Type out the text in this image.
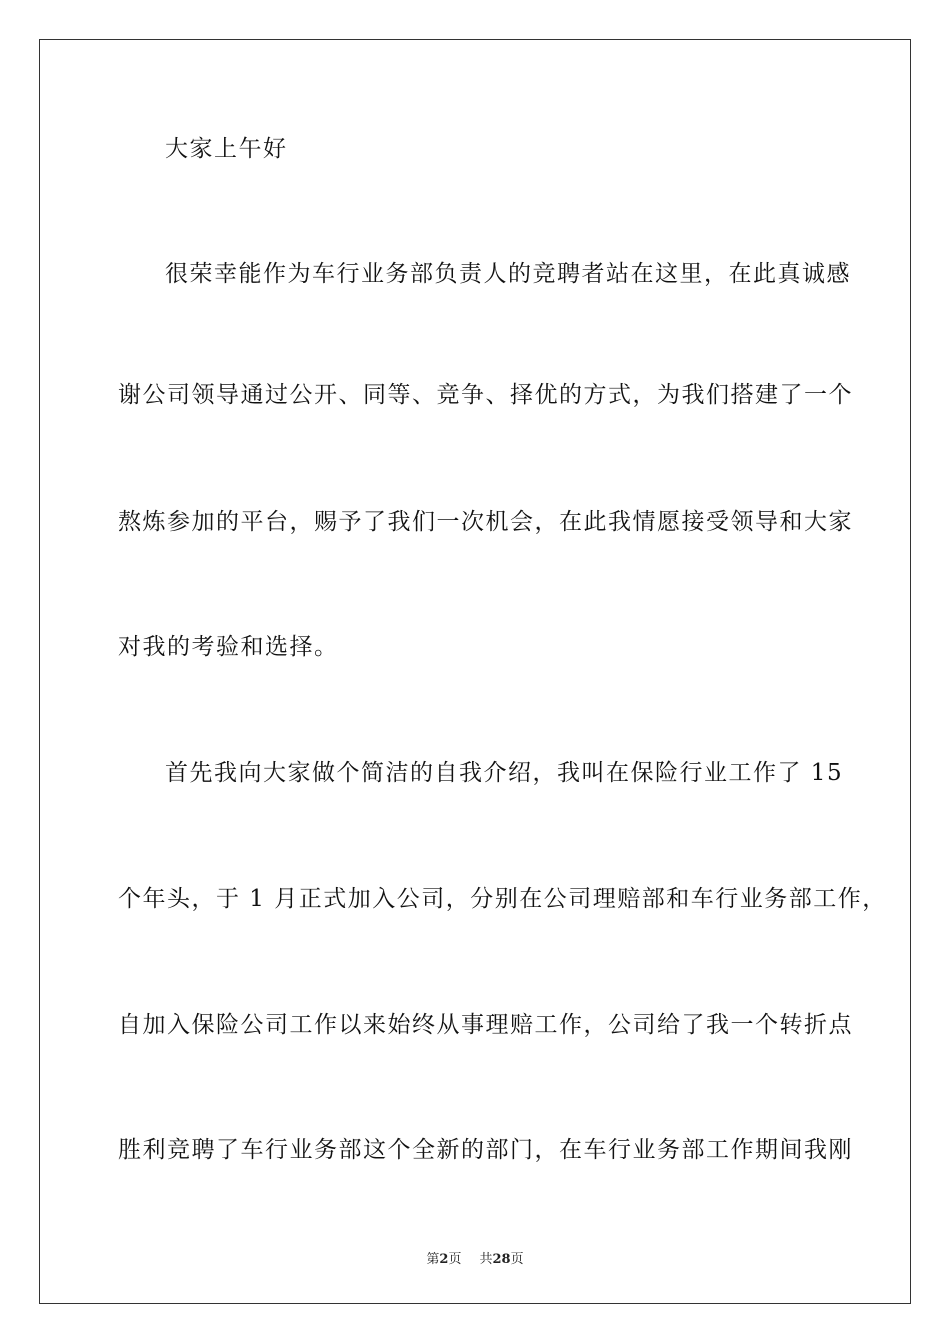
大家上午好
很荣幸能作为车行业务部负责人的竞聘者站在这里，在此真诚感
谢公司领导通过公开、同等、竞争、择优的方式，为我们搭建了一个
熬炼参加的平台，赐予了我们一次机会，在此我情愿接受领导和大家
对我的考验和选择。
首先我向大家做个简洁的自我介绍，我叫在保险行业工作了 15
个年头，于 1 月正式加入公司，分别在公司理赔部和车行业务部工作，
自加入保险公司工作以来始终从事理赔工作，公司给了我一个转折点
胜利竞聘了车行业务部这个全新的部门，在车行业务部工作期间我刚
第2页 共28页
